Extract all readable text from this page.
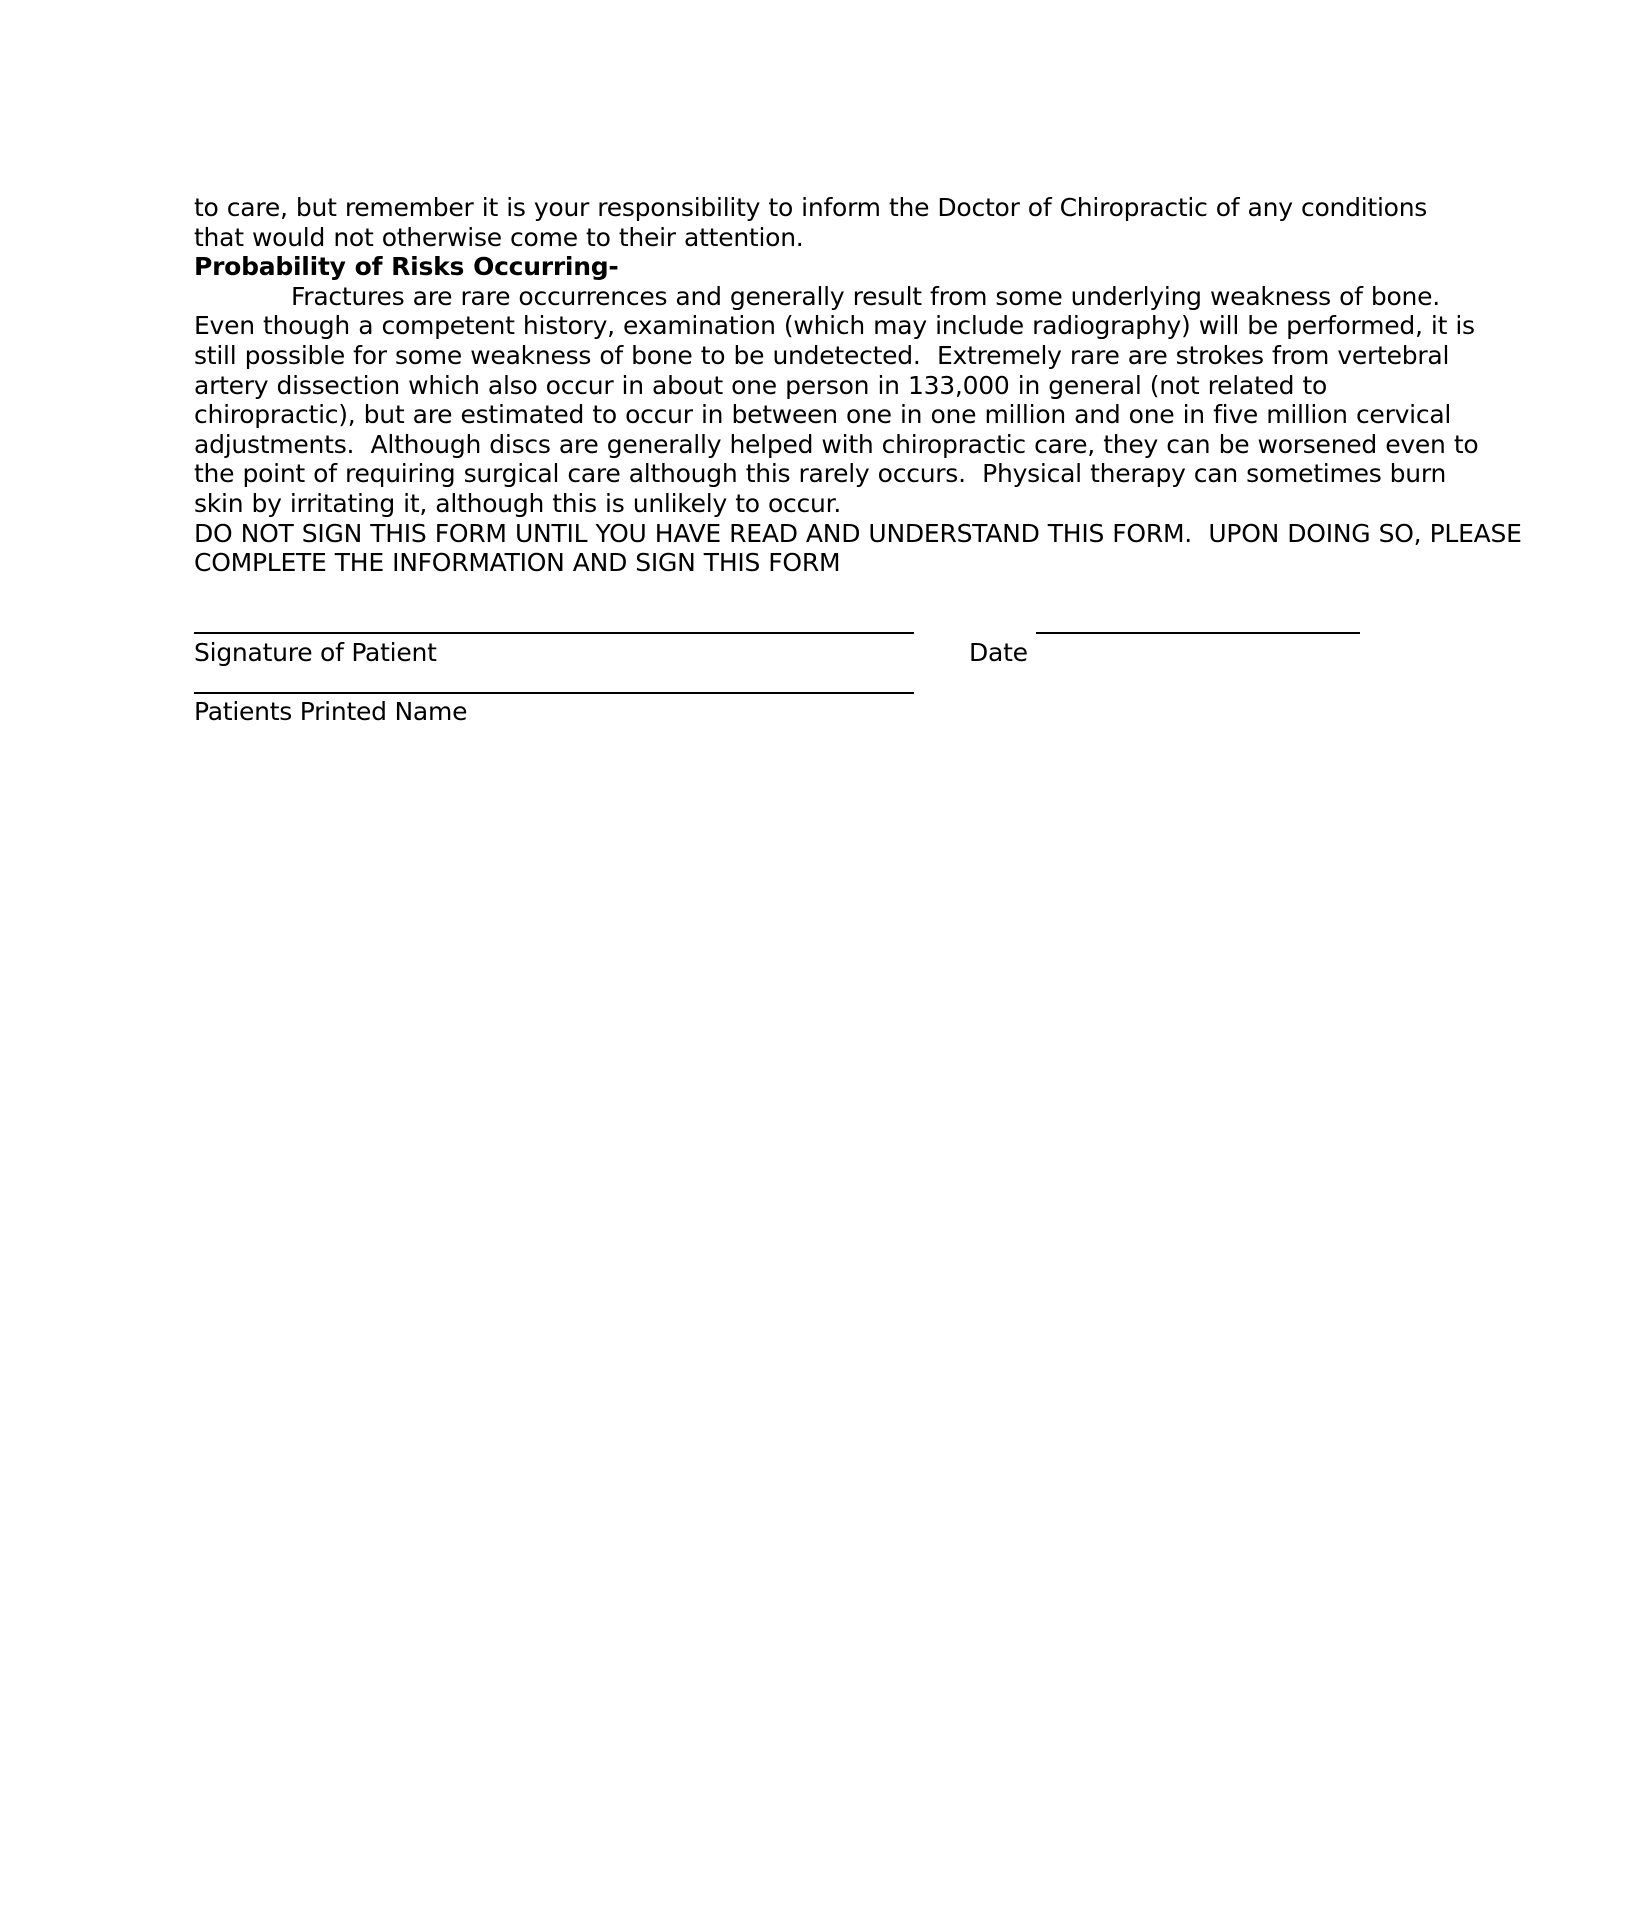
to care, but remember it is your responsibility to inform the Doctor of Chiropractic of any conditions
that would not otherwise come to their attention.
Probability of Risks Occurring-
Fractures are rare occurrences and generally result from some underlying weakness of bone.
Even though a competent history, examination (which may include radiography) will be performed, it is
still possible for some weakness of bone to be undetected.  Extremely rare are strokes from vertebral
artery dissection which also occur in about one person in 133,000 in general (not related to
chiropractic), but are estimated to occur in between one in one million and one in five million cervical
adjustments.  Although discs are generally helped with chiropractic care, they can be worsened even to
the point of requiring surgical care although this rarely occurs.  Physical therapy can sometimes burn
skin by irritating it, although this is unlikely to occur.
DO NOT SIGN THIS FORM UNTIL YOU HAVE READ AND UNDERSTAND THIS FORM.  UPON DOING SO, PLEASE
COMPLETE THE INFORMATION AND SIGN THIS FORM
Signature of Patient	Date
Patients Printed Name
